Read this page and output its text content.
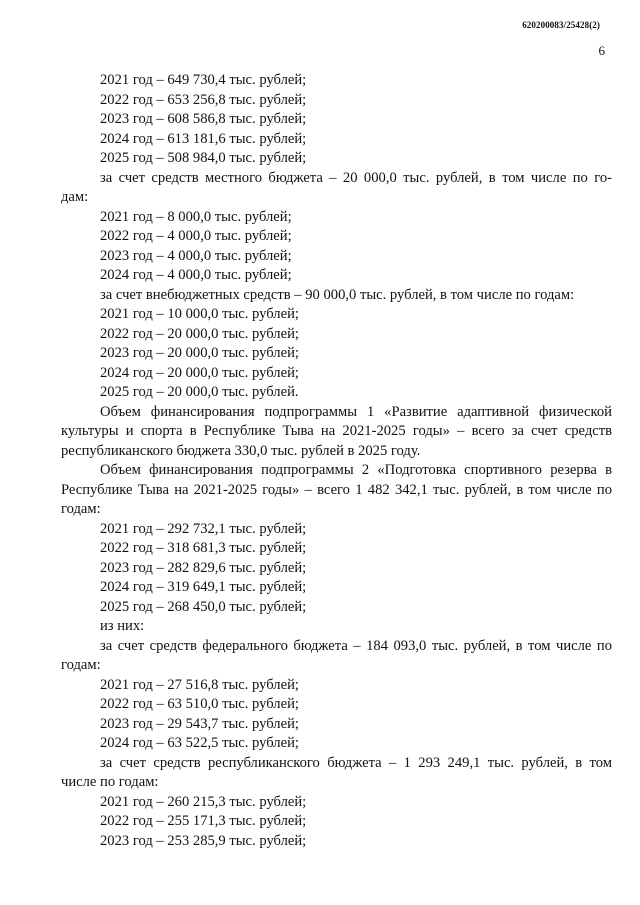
620200083/25428(2)
6

2021 год – 649 730,4 тыс. рублей;

2022 год – 653 256,8 тыс. рублей;

2023 год – 608 586,8 тыс. рублей;

2024 год – 613 181,6 тыс. рублей;

2025 год – 508 984,0 тыс. рублей;

за счет средств местного бюджета – 20 000,0 тыс. рублей, в том числе по го-

дам:

2021 год – 8 000,0 тыс. рублей;

2022 год – 4 000,0 тыс. рублей;

2023 год – 4 000,0 тыс. рублей;

2024 год – 4 000,0 тыс. рублей;

за счет внебюджетных средств – 90 000,0 тыс. рублей, в том числе по годам:

2021 год – 10 000,0 тыс. рублей;

2022 год – 20 000,0 тыс. рублей;

2023 год – 20 000,0 тыс. рублей;

2024 год – 20 000,0 тыс. рублей;

2025 год – 20 000,0 тыс. рублей.

Объем финансирования подпрограммы 1 «Развитие адаптивной физической культуры и спорта в Республике Тыва на 2021-2025 годы» – всего за счет средств республиканского бюджета 330,0 тыс. рублей в 2025 году.

Объем финансирования подпрограммы 2 «Подготовка спортивного резерва в Республике Тыва на 2021-2025 годы» – всего 1 482 342,1 тыс. рублей, в том числе по годам:

2021 год – 292 732,1 тыс. рублей;

2022 год – 318 681,3 тыс. рублей;

2023 год – 282 829,6 тыс. рублей;

2024 год – 319 649,1 тыс. рублей;

2025 год – 268 450,0 тыс. рублей;

из них:

за счет средств федерального бюджета – 184 093,0 тыс. рублей, в том числе по

годам:

2021 год – 27 516,8 тыс. рублей;

2022 год – 63 510,0 тыс. рублей;

2023 год – 29 543,7 тыс. рублей;

2024 год – 63 522,5 тыс. рублей;

за счет средств республиканского бюджета – 1 293 249,1 тыс. рублей, в том

числе по годам:

2021 год – 260 215,3 тыс. рублей;

2022 год – 255 171,3 тыс. рублей;

2023 год – 253 285,9 тыс. рублей;
